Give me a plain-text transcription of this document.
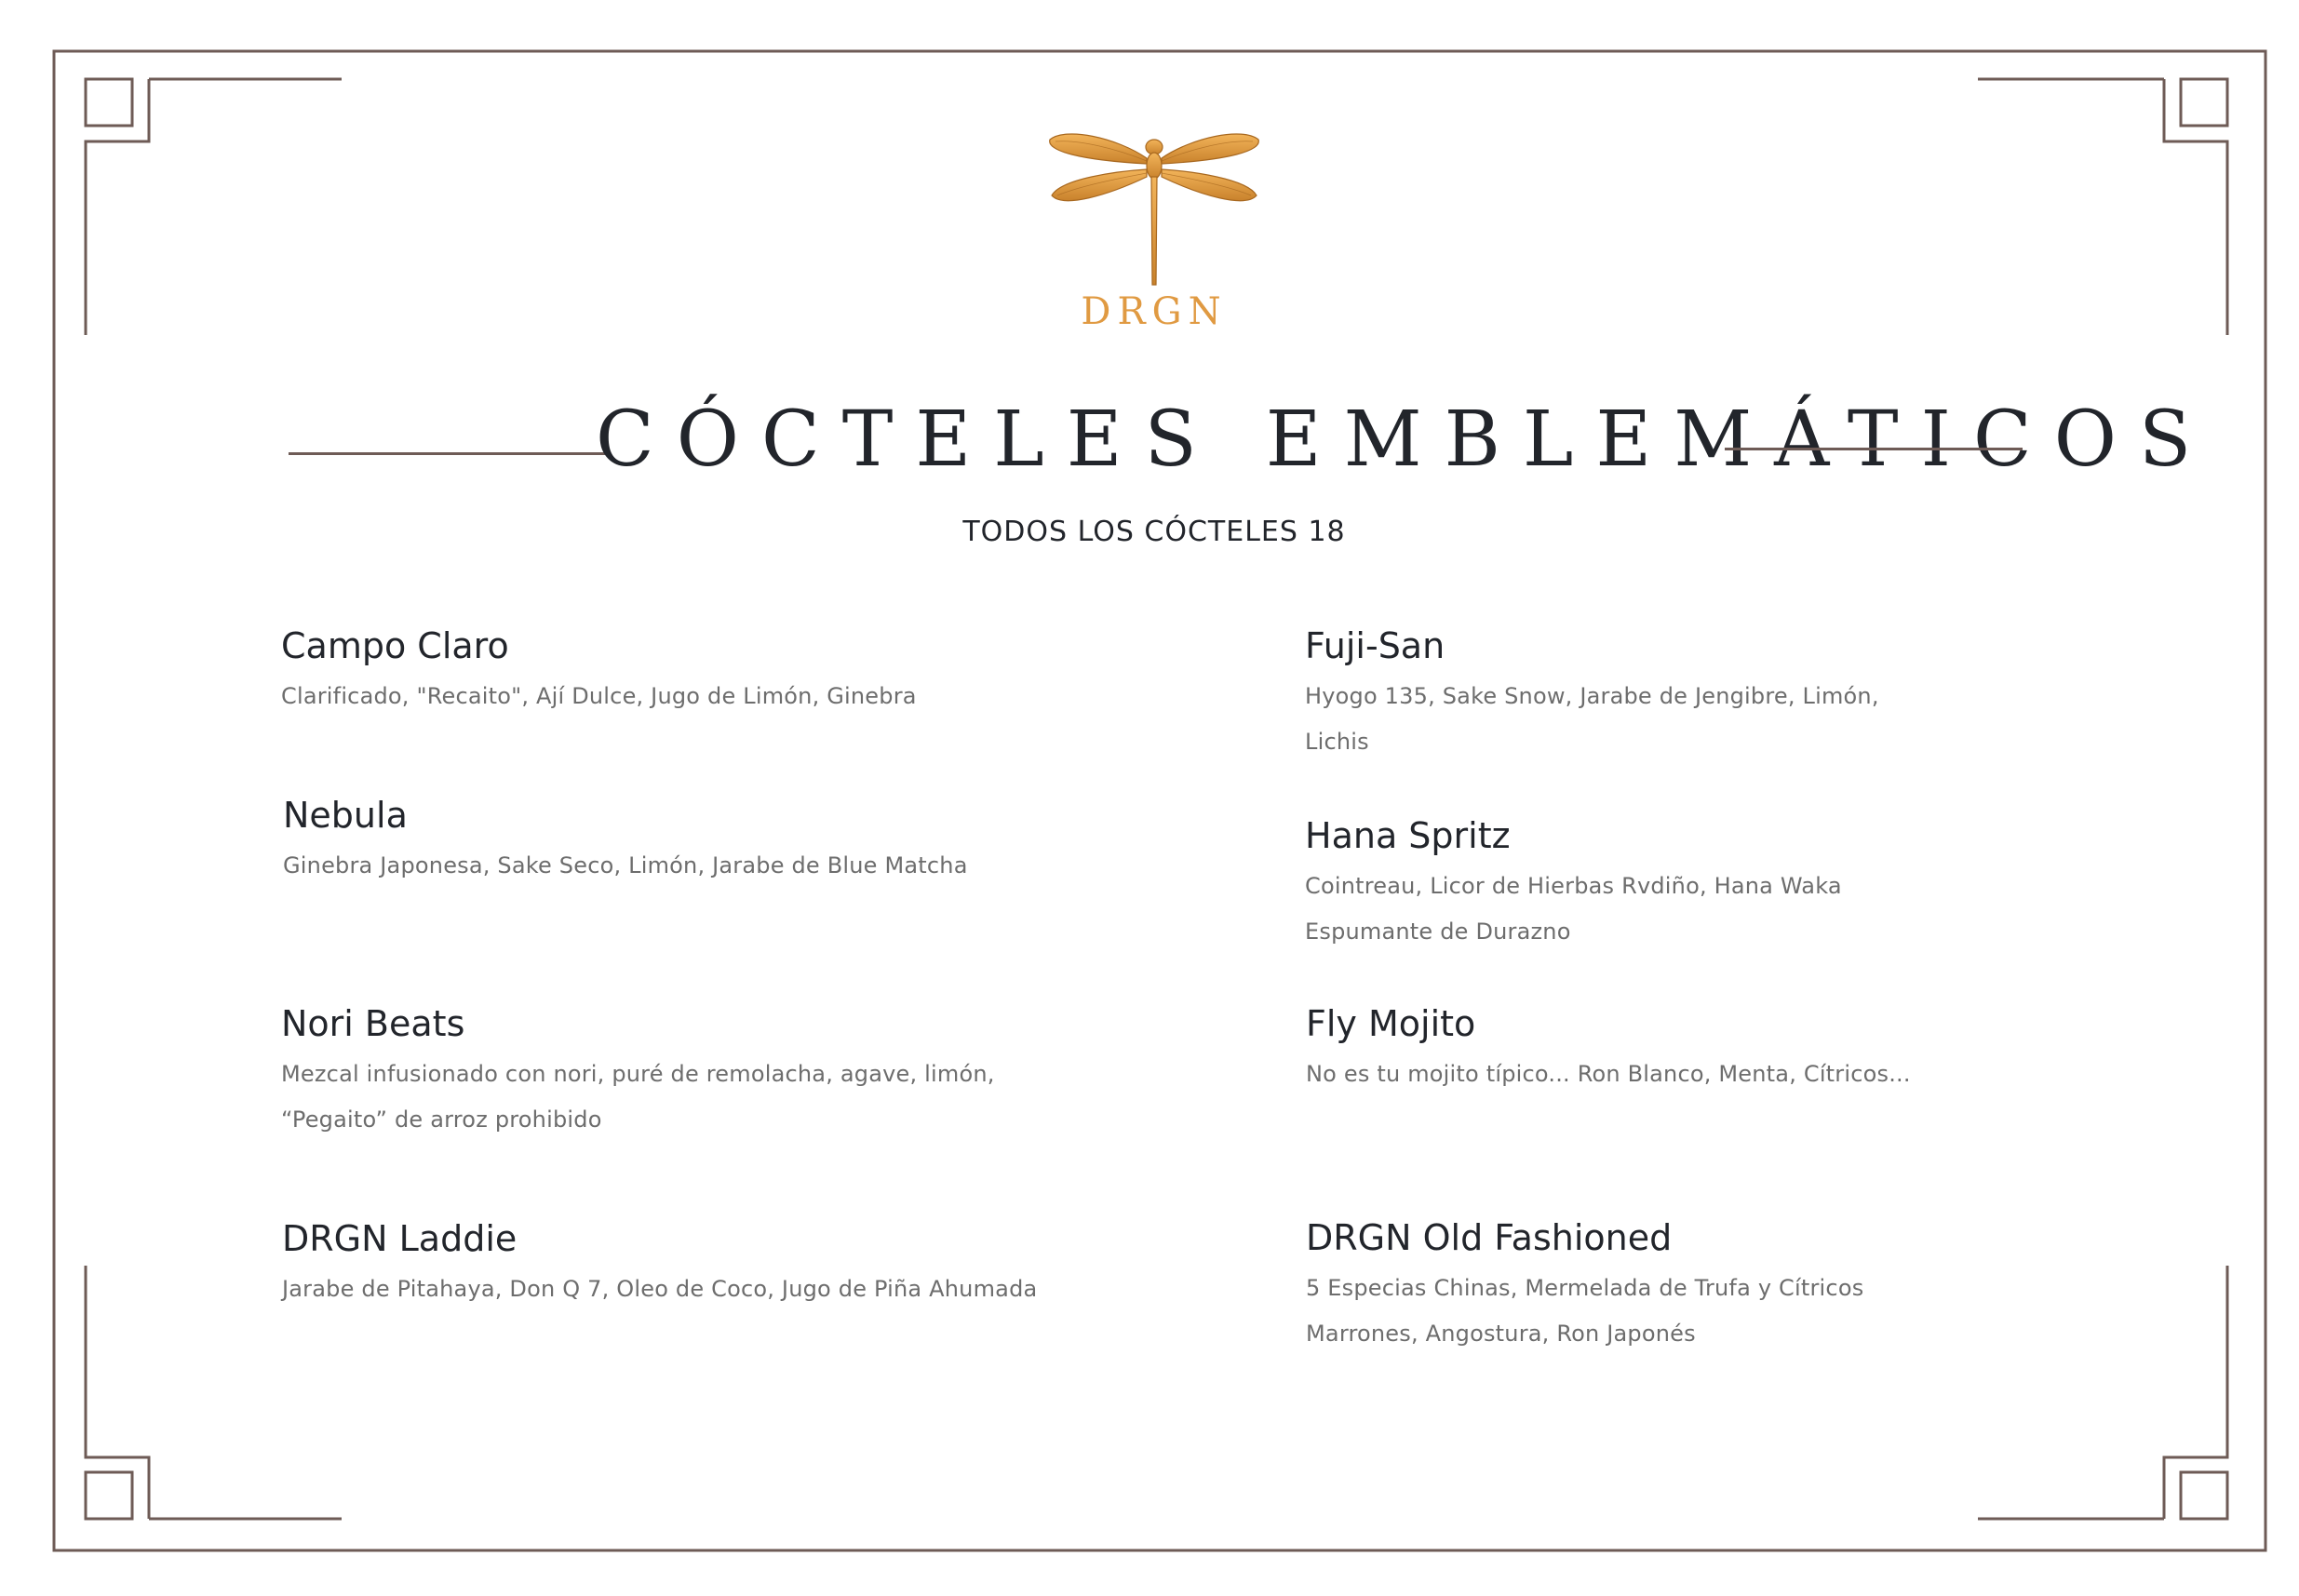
DRGN
CÓCTELES EMBLEMÁTICOS
TODOS LOS CÓCTELES 18
Campo Claro
Clarificado, "Recaito", Ají Dulce, Jugo de Limón, Ginebra
Nebula
Ginebra Japonesa, Sake Seco, Limón, Jarabe de Blue Matcha
Nori Beats
Mezcal infusionado con nori, puré de remolacha, agave, limón, “Pegaito” de arroz prohibido
DRGN Laddie
Jarabe de Pitahaya, Don Q 7, Oleo de Coco, Jugo de Piña Ahumada
Fuji-San
Hyogo 135, Sake Snow, Jarabe de Jengibre, Limón, Lichis
Hana Spritz
Cointreau, Licor de Hierbas Rvdiño, Hana Waka Espumante de Durazno
Fly Mojito
No es tu mojito típico... Ron Blanco, Menta, Cítricos...
DRGN Old Fashioned
5 Especias Chinas, Mermelada de Trufa y Cítricos Marrones, Angostura, Ron Japonés
